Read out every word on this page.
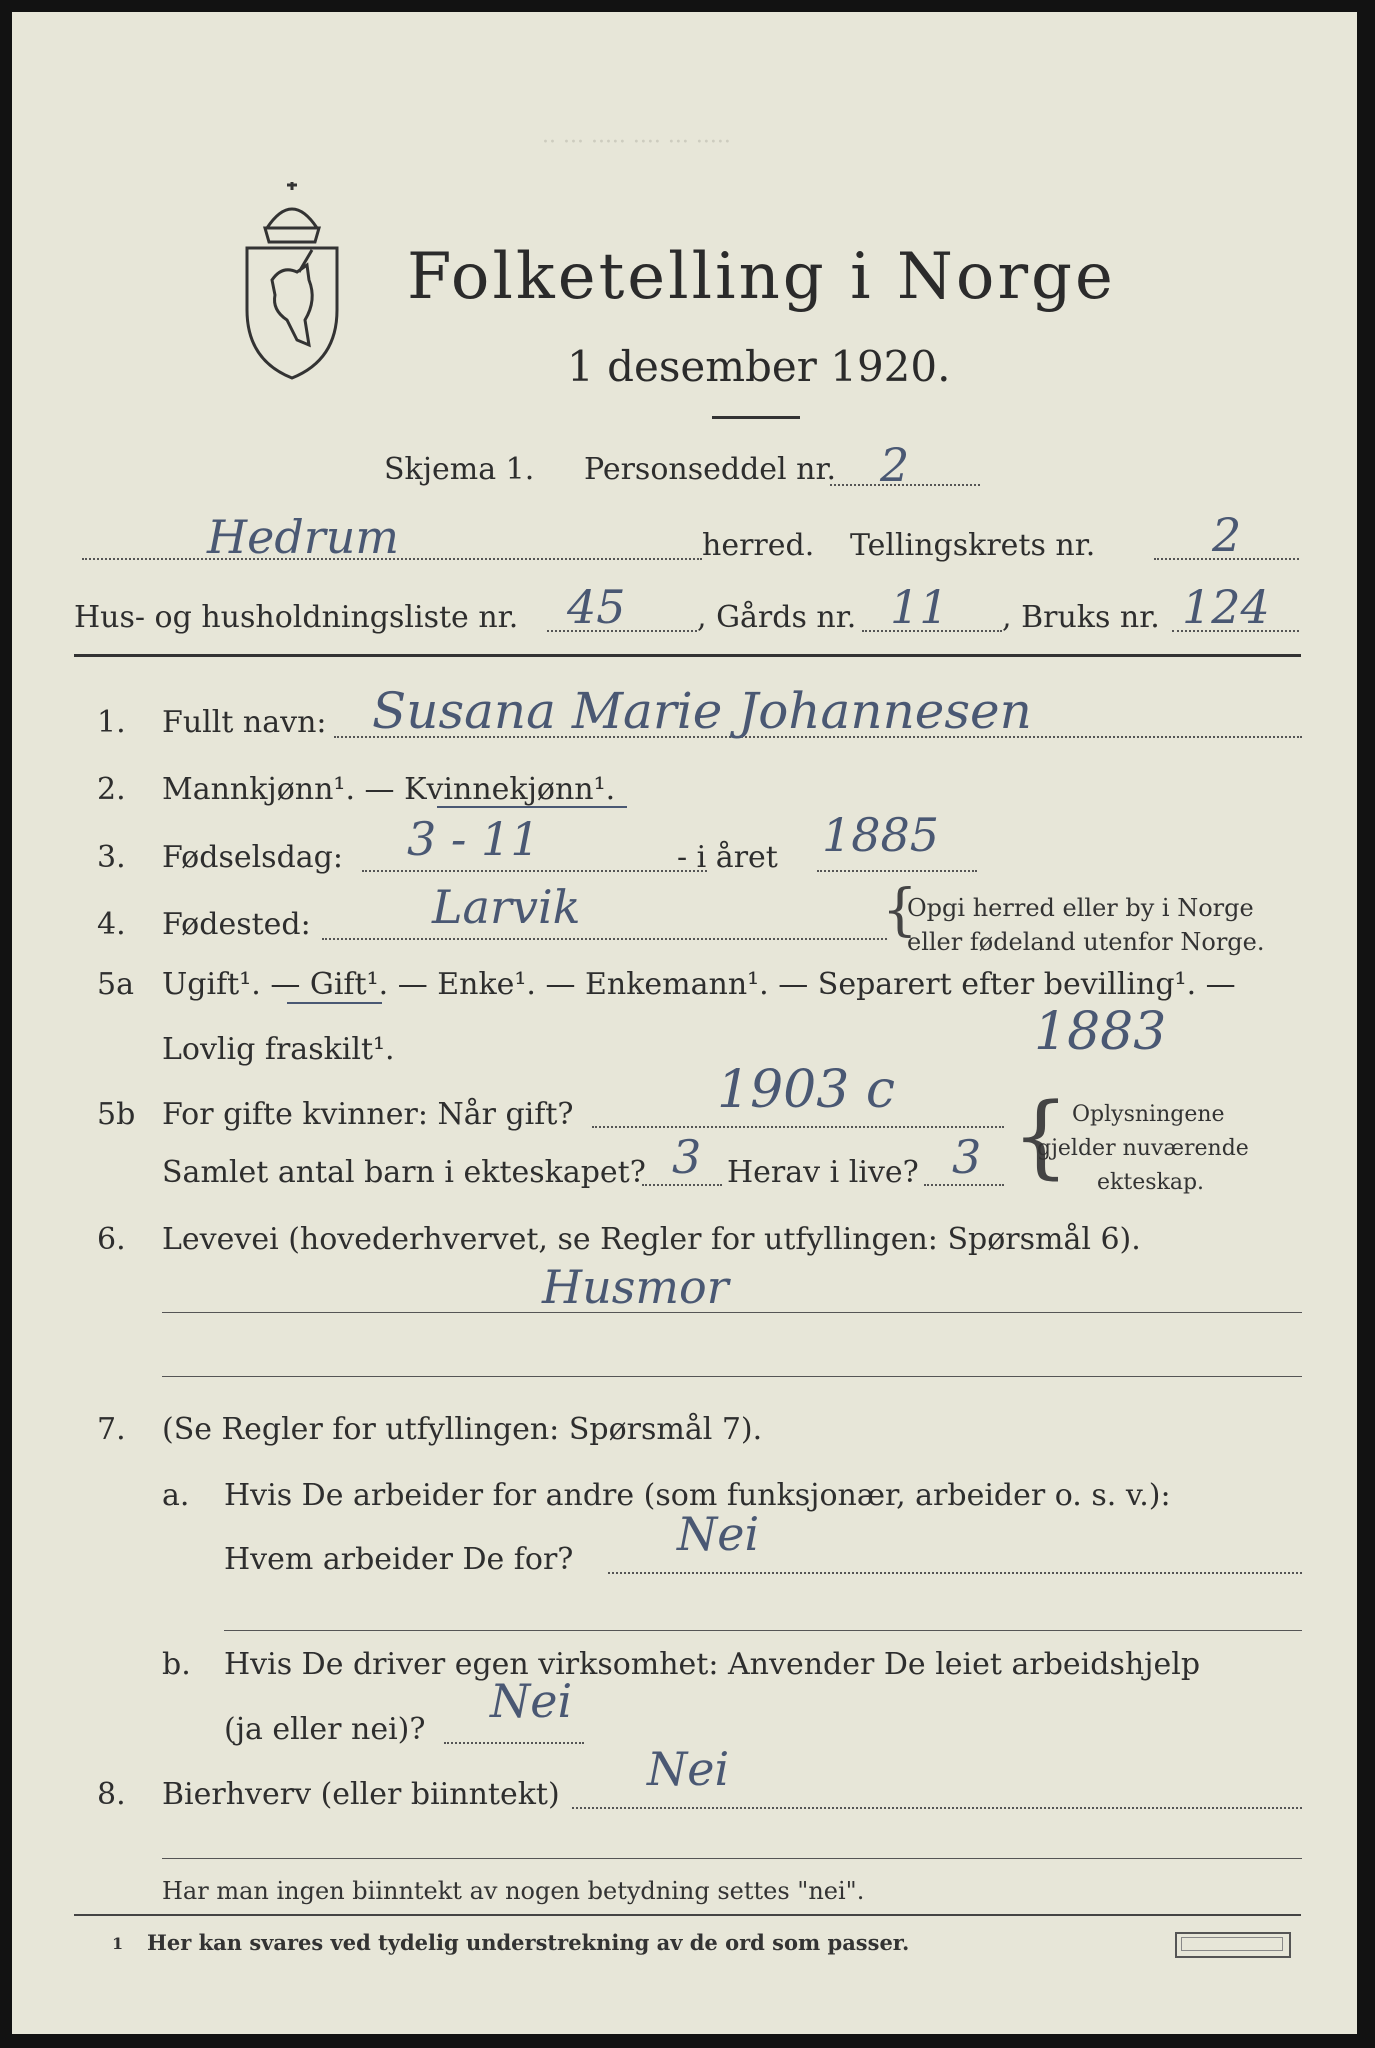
Folketelling i Norge
1 desember 1920.
·· ··· ····· ···· ··· ·····
Skjema 1. Personseddel nr. 2
Hedrum	herred. Tellingskrets nr.	2
Hus- og husholdningsliste nr. 45 , Gårds nr. 11 , Bruks nr. 124
1. Fullt navn: Susana Marie Johannesen
2. Mannkjønn¹. — Kvinnekjønn¹.
3. Fødselsdag: 3 - 11	- i året 1885
4. Fødested:	Larvik	{
Opgi herred eller by i Norge
eller fødeland utenfor Norge.
5a Ugift¹. — Gift¹. — Enke¹. — Enkemann¹. — Separert efter bevilling¹. —
Lovlig fraskilt¹.	1883
5b For gifte kvinner: Når gift?	1903 c
Samlet antal barn i ekteskapet? 3 Herav i live? 3 { Oplysningene
gjelder nuværende
ekteskap.
6. Levevei (hovederhvervet, se Regler for utfyllingen: Spørsmål 6).
Husmor
7. (Se Regler for utfyllingen: Spørsmål 7).
a. Hvis De arbeider for andre (som funksjonær, arbeider o. s. v.):
Hvem arbeider De for? Nei
b. Hvis De driver egen virksomhet: Anvender De leiet arbeidshjelp
(ja eller nei)?
Nei
8. Bierhverv (eller biinntekt) Nei
Har man ingen biinntekt av nogen betydning settes "nei".
1 Her kan svares ved tydelig understrekning av de ord som passer.
